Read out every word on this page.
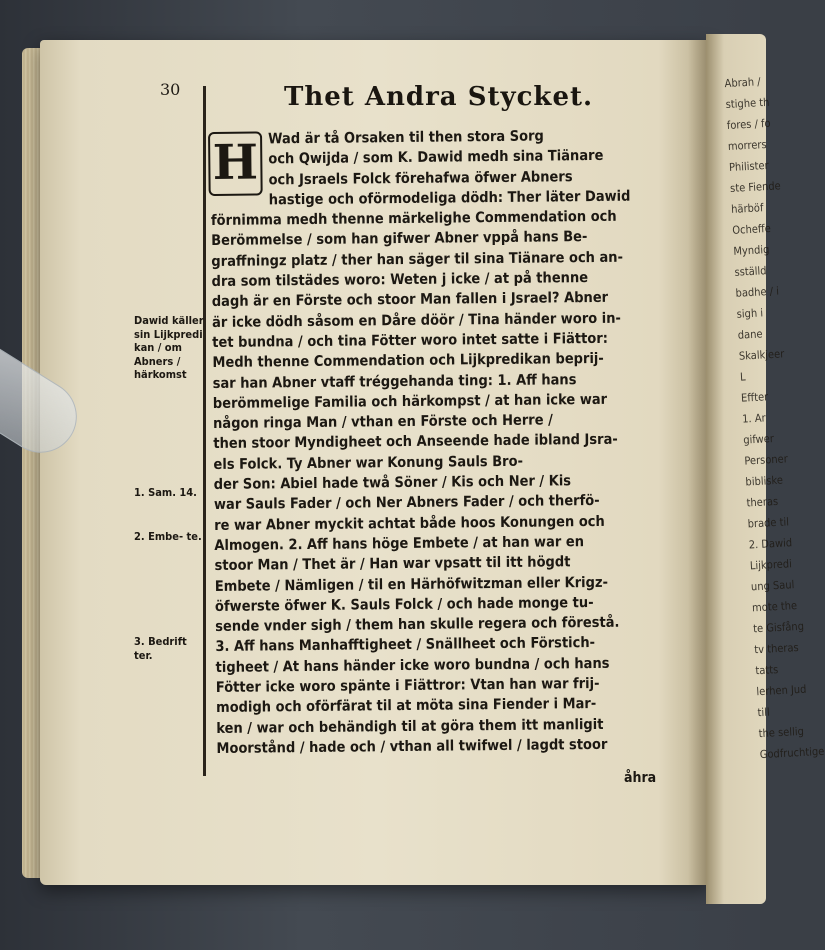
Abrah /
stighe th
fores / fo
morrers
Philister
ste Fiende
härböf
Ocheffe
Myndig
sställd
badhe / i
sigh i
dane
Skalkjeer
L
Effter
1. Ar
gifwer
Personer
bibliske
theras
brade til
2. Dawid
Lijkpredi
ung Saul
mote the
te Gisfång
tv theras
tatts
lerhen Jud
till
the sellig
Godfruchtige
30	Thet Andra Stycket.
H Wad är tå Orsaken til then stora Sorg
och Qwijda / som K. Dawid medh sina Tiänare
och Jsraels Folck förehafwa öfwer Abners
hastige och oförmodeliga dödh: Ther läter Dawid
förnimma medh thenne märkelighe Commendation och
Berömmelse / som han gifwer Abner vppå hans Be-
graffningz platz / ther han säger til sina Tiänare och an-
dra som tilstädes woro: Weten j icke / at på thenne
dagh är en Förste och stoor Man fallen i Jsrael? Abner
är icke dödh såsom en Dåre döör / Tina händer woro in-
tet bundna / och tina Fötter woro intet satte i Fiättor:
Medh thenne Commendation och Lijkpredikan beprij-
sar han Abner vtaff tréggehanda ting: 1. Aff hans
berömmelige Familia och härkompst / at han icke war
någon ringa Man / vthan en Förste och Herre /
then stoor Myndigheet och Anseende hade ibland Jsra-
els Folck. Ty Abner war Konung Sauls Bro-
der Son: Abiel hade twå Söner / Kis och Ner / Kis
war Sauls Fader / och Ner Abners Fader / och therfö-
re war Abner myckit achtat både hoos Konungen och
Almogen. 2. Aff hans höge Embete / at han war en
stoor Man / Thet är / Han war vpsatt til itt högdt
Embete / Nämligen / til en Härhöfwitzman eller Krigz-
öfwerste öfwer K. Sauls Folck / och hade monge tu-
sende vnder sigh / them han skulle regera och förestå.
3. Aff hans Manhafftigheet / Snällheet och Förstich-
tigheet / At hans händer icke woro bundna / och hans
Fötter icke woro spänte i Fiättror: Vtan han war frij-
modigh och oförfärat til at möta sina Fiender i Mar-
ken / war och behändigh til at göra them itt manligit
Moorstånd / hade och / vthan all twifwel / lagdt stoor
Dawid käller sin Lijkpredi kan / om Abners / härkomst
1. Sam. 14.
2. Embe- te.
3. Bedrift ter.
åhra
